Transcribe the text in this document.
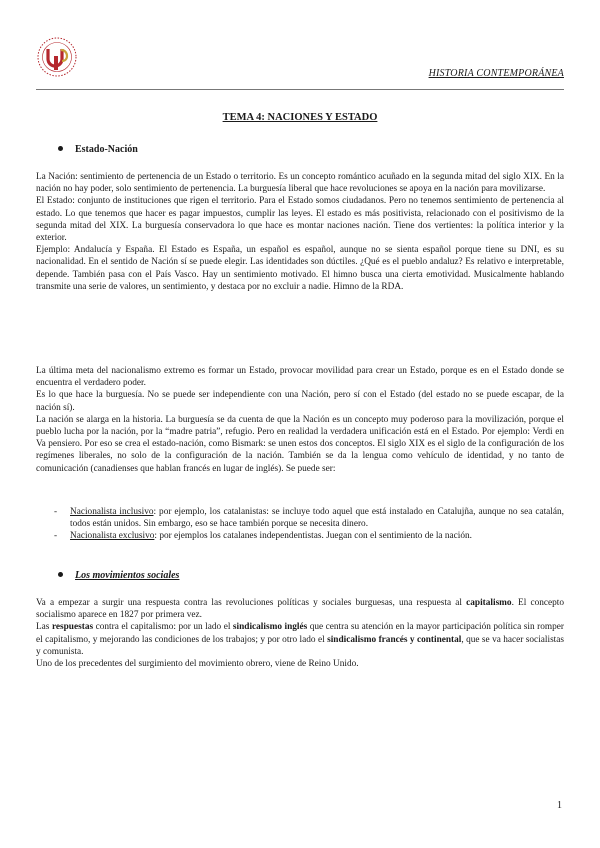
HISTORIA CONTEMPORÁNEA
TEMA 4: NACIONES Y ESTADO
Estado-Nación

La Nación: sentimiento de pertenencia de un Estado o territorio. Es un concepto romántico acuñado en la segunda mitad del siglo XIX. En la nación no hay poder, solo sentimiento de pertenencia. La burguesía liberal que hace revoluciones se apoya en la nación para movilizarse.

El Estado: conjunto de instituciones que rigen el territorio. Para el Estado somos ciudadanos. Pero no tenemos sentimiento de pertenencia al estado. Lo que tenemos que hacer es pagar impuestos, cumplir las leyes. El estado es más positivista, relacionado con el positivismo de la segunda mitad del XIX. La burguesía conservadora lo que hace es montar naciones nación. Tiene dos vertientes: la política interior y la exterior.

Ejemplo: Andalucía y España. El Estado es España, un español es español, aunque no se sienta español porque tiene su DNI, es su nacionalidad. En el sentido de Nación sí se puede elegir. Las identidades son dúctiles. ¿Qué es el pueblo andaluz? Es relativo e interpretable, depende. También pasa con el País Vasco. Hay un sentimiento motivado. El himno busca una cierta emotividad. Musicalmente hablando transmite una serie de valores, un sentimiento, y destaca por no excluir a nadie. Himno de la RDA.

La última meta del nacionalismo extremo es formar un Estado, provocar movilidad para crear un Estado, porque es en el Estado donde se encuentra el verdadero poder.

Es lo que hace la burguesía. No se puede ser independiente con una Nación, pero sí con el Estado (del estado no se puede escapar, de la nación sí).

La nación se alarga en la historia. La burguesía se da cuenta de que la Nación es un concepto muy poderoso para la movilización, porque el pueblo lucha por la nación, por la “madre patria”, refugio. Pero en realidad la verdadera unificación está en el Estado. Por ejemplo: Verdi en Va pensiero. Por eso se crea el estado-nación, como Bismark: se unen estos dos conceptos. El siglo XIX es el siglo de la configuración de los regímenes liberales, no solo de la configuración de la nación. También se da la lengua como vehículo de identidad, y no tanto de comunicación (canadienses que hablan francés en lugar de inglés). Se puede ser:

-	Nacionalista inclusivo: por ejemplo, los catalanistas: se incluye todo aquel que está instalado en Catalujña, aunque no sea catalán, todos están unidos. Sin embargo, eso se hace también porque se necesita dinero.
-	Nacionalista exclusivo: por ejemplos los catalanes independentistas. Juegan con el sentimiento de la nación.
Los movimientos sociales

Va a empezar a surgir una respuesta contra las revoluciones políticas y sociales burguesas, una respuesta al capitalismo. El concepto socialismo aparece en 1827 por primera vez.

Las respuestas contra el capitalismo: por un lado el sindicalismo inglés que centra su atención en la mayor participación política sin romper el capitalismo, y mejorando las condiciones de los trabajos; y por otro lado el sindicalismo francés y continental, que se va hacer socialistas y comunista.

Uno de los precedentes del surgimiento del movimiento obrero, viene de Reino Unido.

1
